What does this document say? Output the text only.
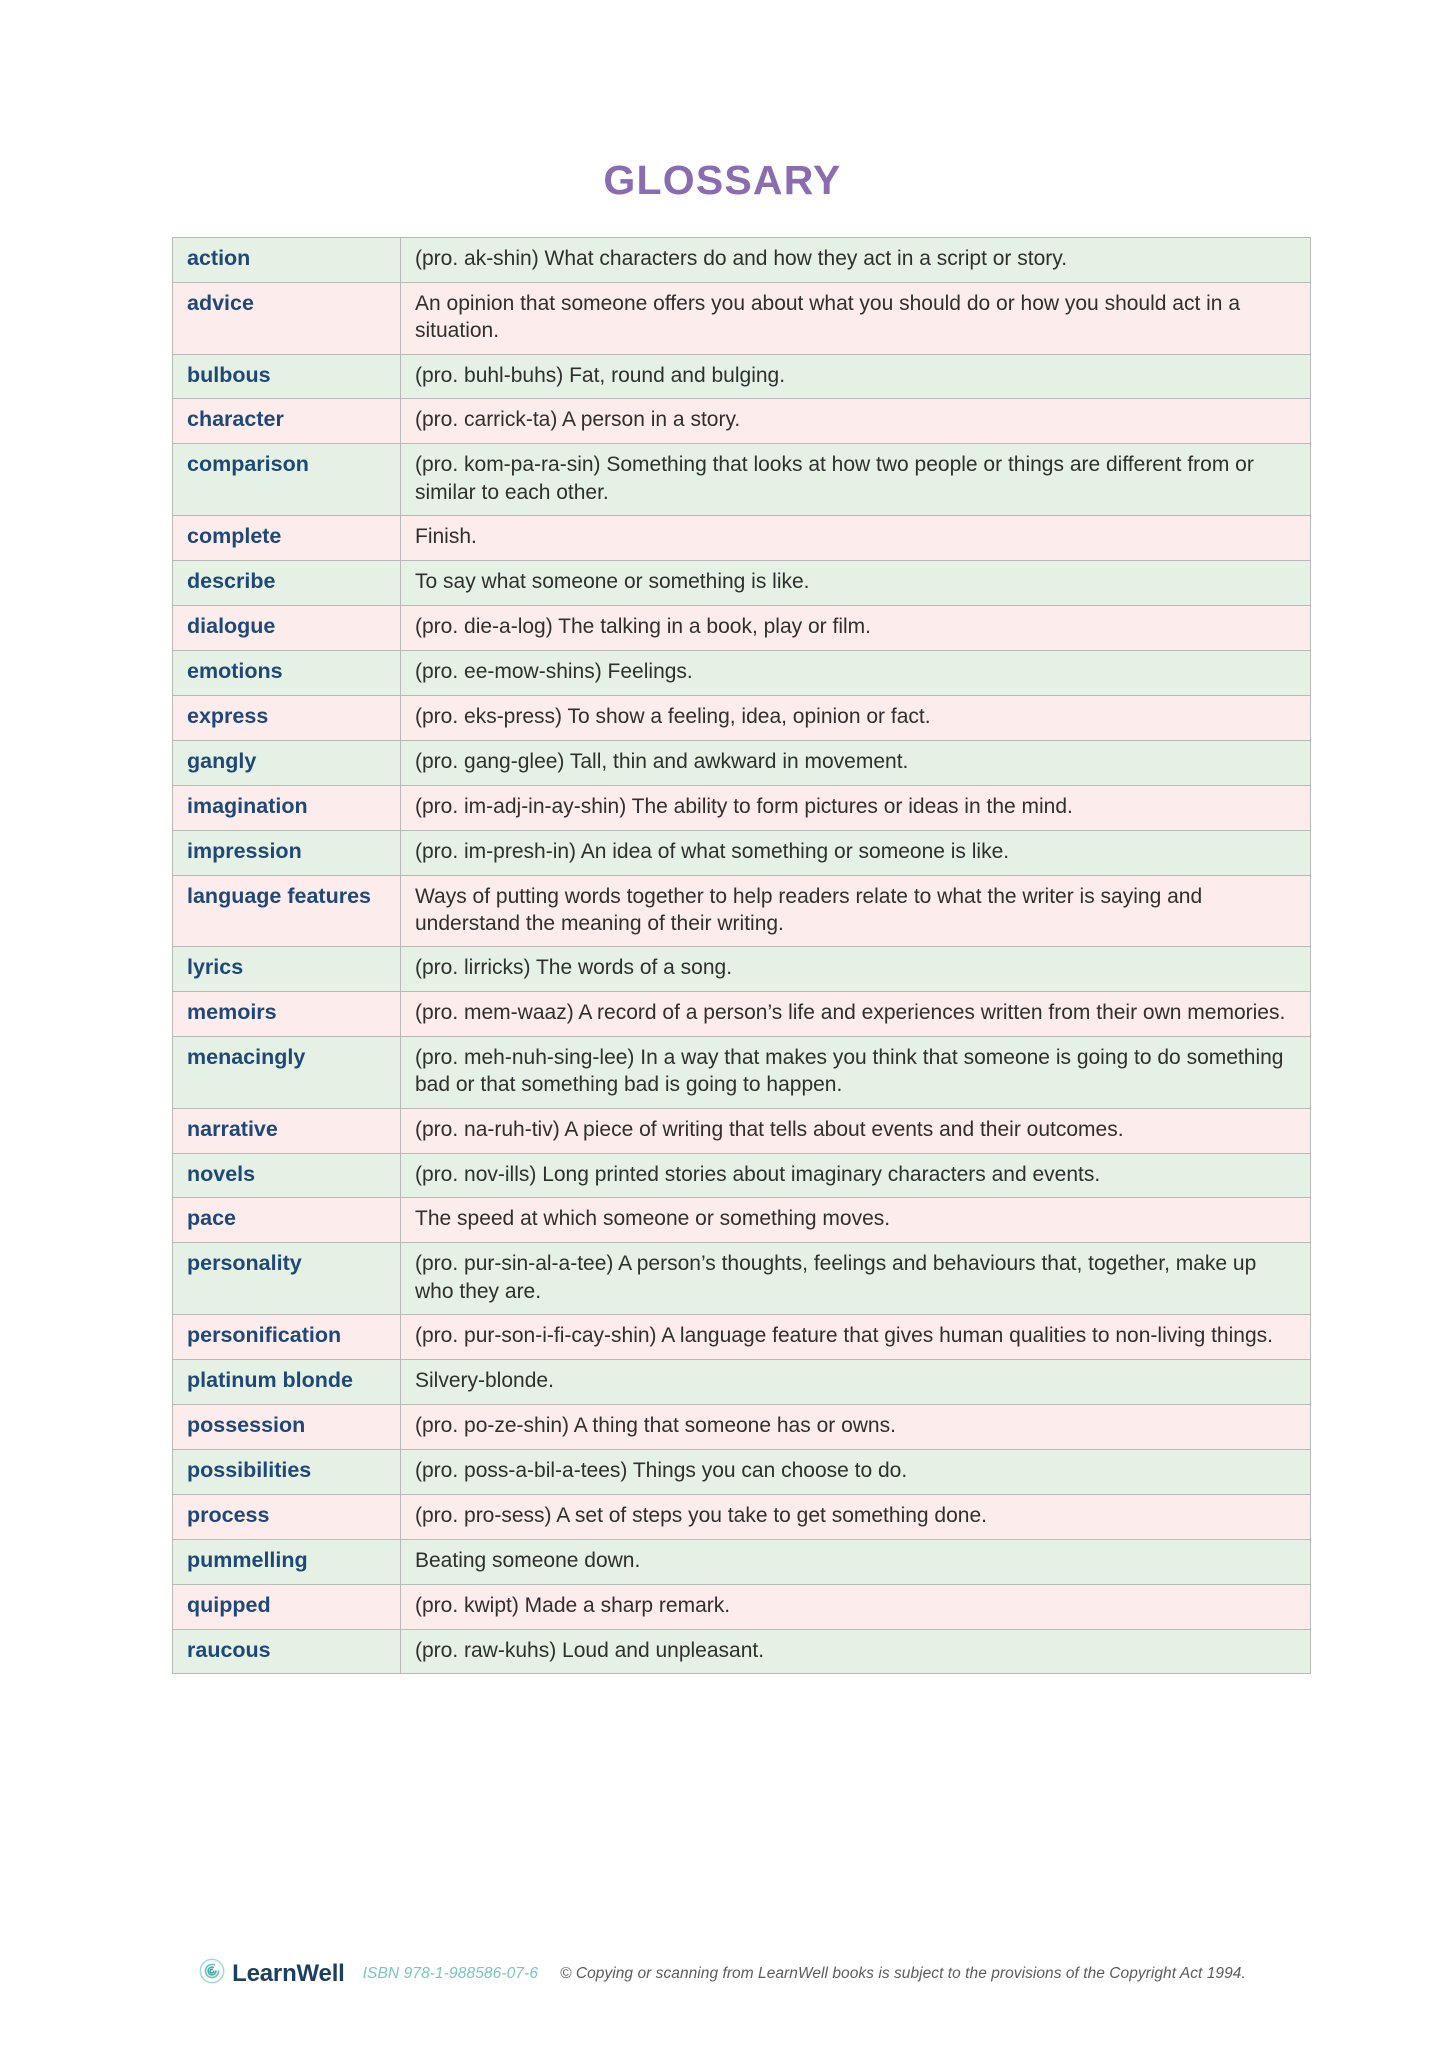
GLOSSARY
action	(pro. ak-shin) What characters do and how they act in a script or story.
advice	An opinion that someone offers you about what you should do or how you should act in a situation.
bulbous	(pro. buhl-buhs) Fat, round and bulging.
character	(pro. carrick-ta) A person in a story.
comparison	(pro. kom-pa-ra-sin) Something that looks at how two people or things are different from or similar to each other.
complete	Finish.
describe	To say what someone or something is like.
dialogue	(pro. die-a-log) The talking in a book, play or film.
emotions	(pro. ee-mow-shins) Feelings.
express	(pro. eks-press) To show a feeling, idea, opinion or fact.
gangly	(pro. gang-glee) Tall, thin and awkward in movement.
imagination	(pro. im-adj-in-ay-shin) The ability to form pictures or ideas in the mind.
impression	(pro. im-presh-in) An idea of what something or someone is like.
language features	Ways of putting words together to help readers relate to what the writer is saying and understand the meaning of their writing.
lyrics	(pro. lirricks) The words of a song.
memoirs	(pro. mem-waaz) A record of a person’s life and experiences written from their own memories.
menacingly	(pro. meh-nuh-sing-lee) In a way that makes you think that someone is going to do something bad or that something bad is going to happen.
narrative	(pro. na-ruh-tiv) A piece of writing that tells about events and their outcomes.
novels	(pro. nov-ills) Long printed stories about imaginary characters and events.
pace	The speed at which someone or something moves.
personality	(pro. pur-sin-al-a-tee) A person’s thoughts, feelings and behaviours that, together, make up who they are.
personification	(pro. pur-son-i-fi-cay-shin) A language feature that gives human qualities to non-living things.
platinum blonde	Silvery-blonde.
possession	(pro. po-ze-shin) A thing that someone has or owns.
possibilities	(pro. poss-a-bil-a-tees) Things you can choose to do.
process	(pro. pro-sess) A set of steps you take to get something done.
pummelling	Beating someone down.
quipped	(pro. kwipt) Made a sharp remark.
raucous	(pro. raw-kuhs) Loud and unpleasant.
LearnWell ISBN 978-1-988586-07-6 © Copying or scanning from LearnWell books is subject to the provisions of the Copyright Act 1994.
